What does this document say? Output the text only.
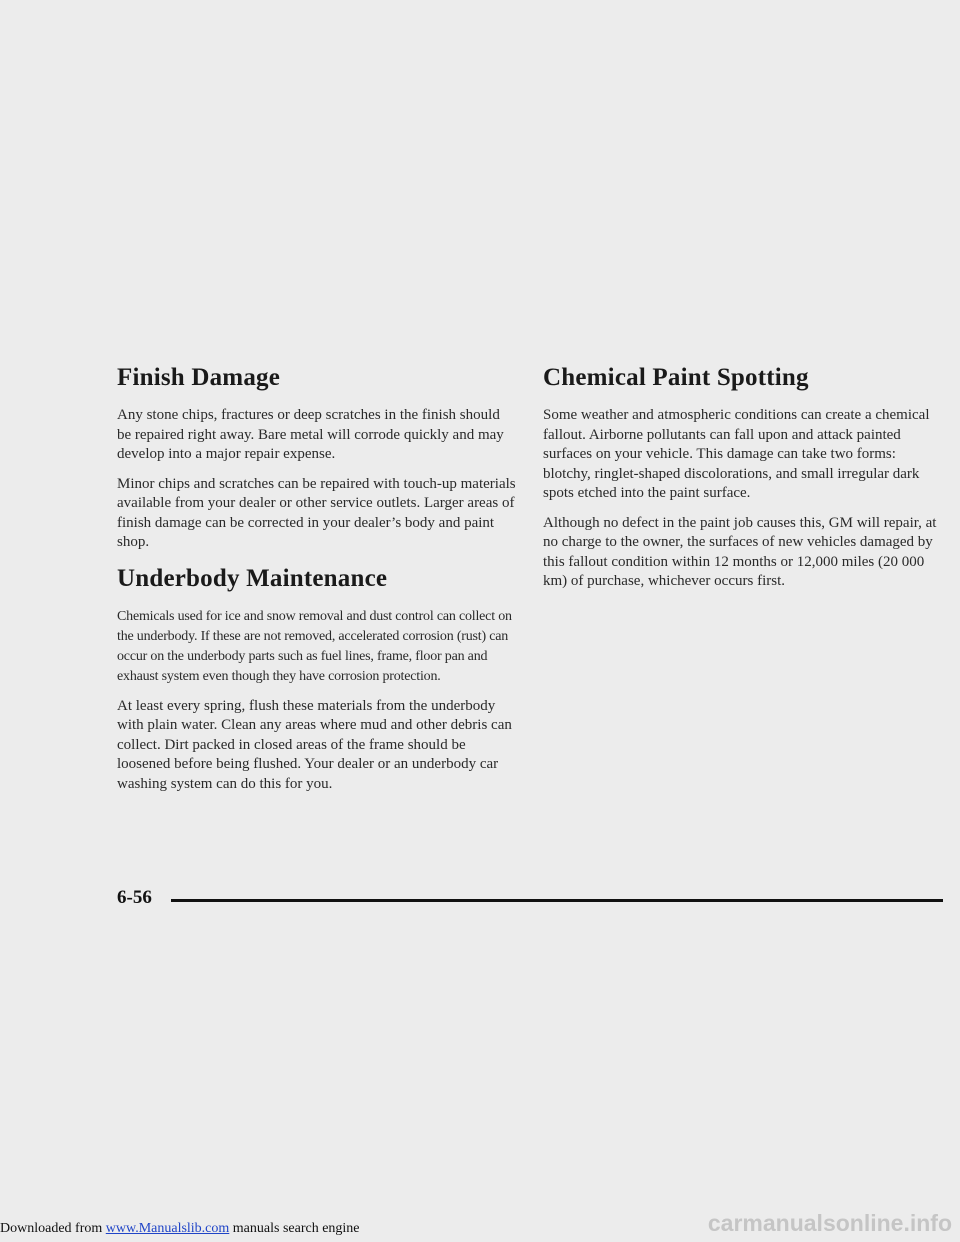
Finish Damage

Any stone chips, fractures or deep scratches in the finish should be repaired right away. Bare metal will corrode quickly and may develop into a major repair expense.

Minor chips and scratches can be repaired with touch-up materials available from your dealer or other service outlets. Larger areas of finish damage can be corrected in your dealer’s body and paint shop.

Underbody Maintenance

Chemicals used for ice and snow removal and dust control can collect on the underbody. If these are not removed, accelerated corrosion (rust) can occur on the underbody parts such as fuel lines, frame, floor pan and exhaust system even though they have corrosion protection.

At least every spring, flush these materials from the underbody with plain water. Clean any areas where mud and other debris can collect. Dirt packed in closed areas of the frame should be loosened before being flushed. Your dealer or an underbody car washing system can do this for you.

Chemical Paint Spotting

Some weather and atmospheric conditions can create a chemical fallout. Airborne pollutants can fall upon and attack painted surfaces on your vehicle. This damage can take two forms: blotchy, ringlet-shaped discolorations, and small irregular dark spots etched into the paint surface.

Although no defect in the paint job causes this, GM will repair, at no charge to the owner, the surfaces of new vehicles damaged by this fallout condition within 12 months or 12,000 miles (20 000 km) of purchase, whichever occurs first.

6-56
Downloaded from www.Manualslib.com manuals search engine	carmanualsonline.info
